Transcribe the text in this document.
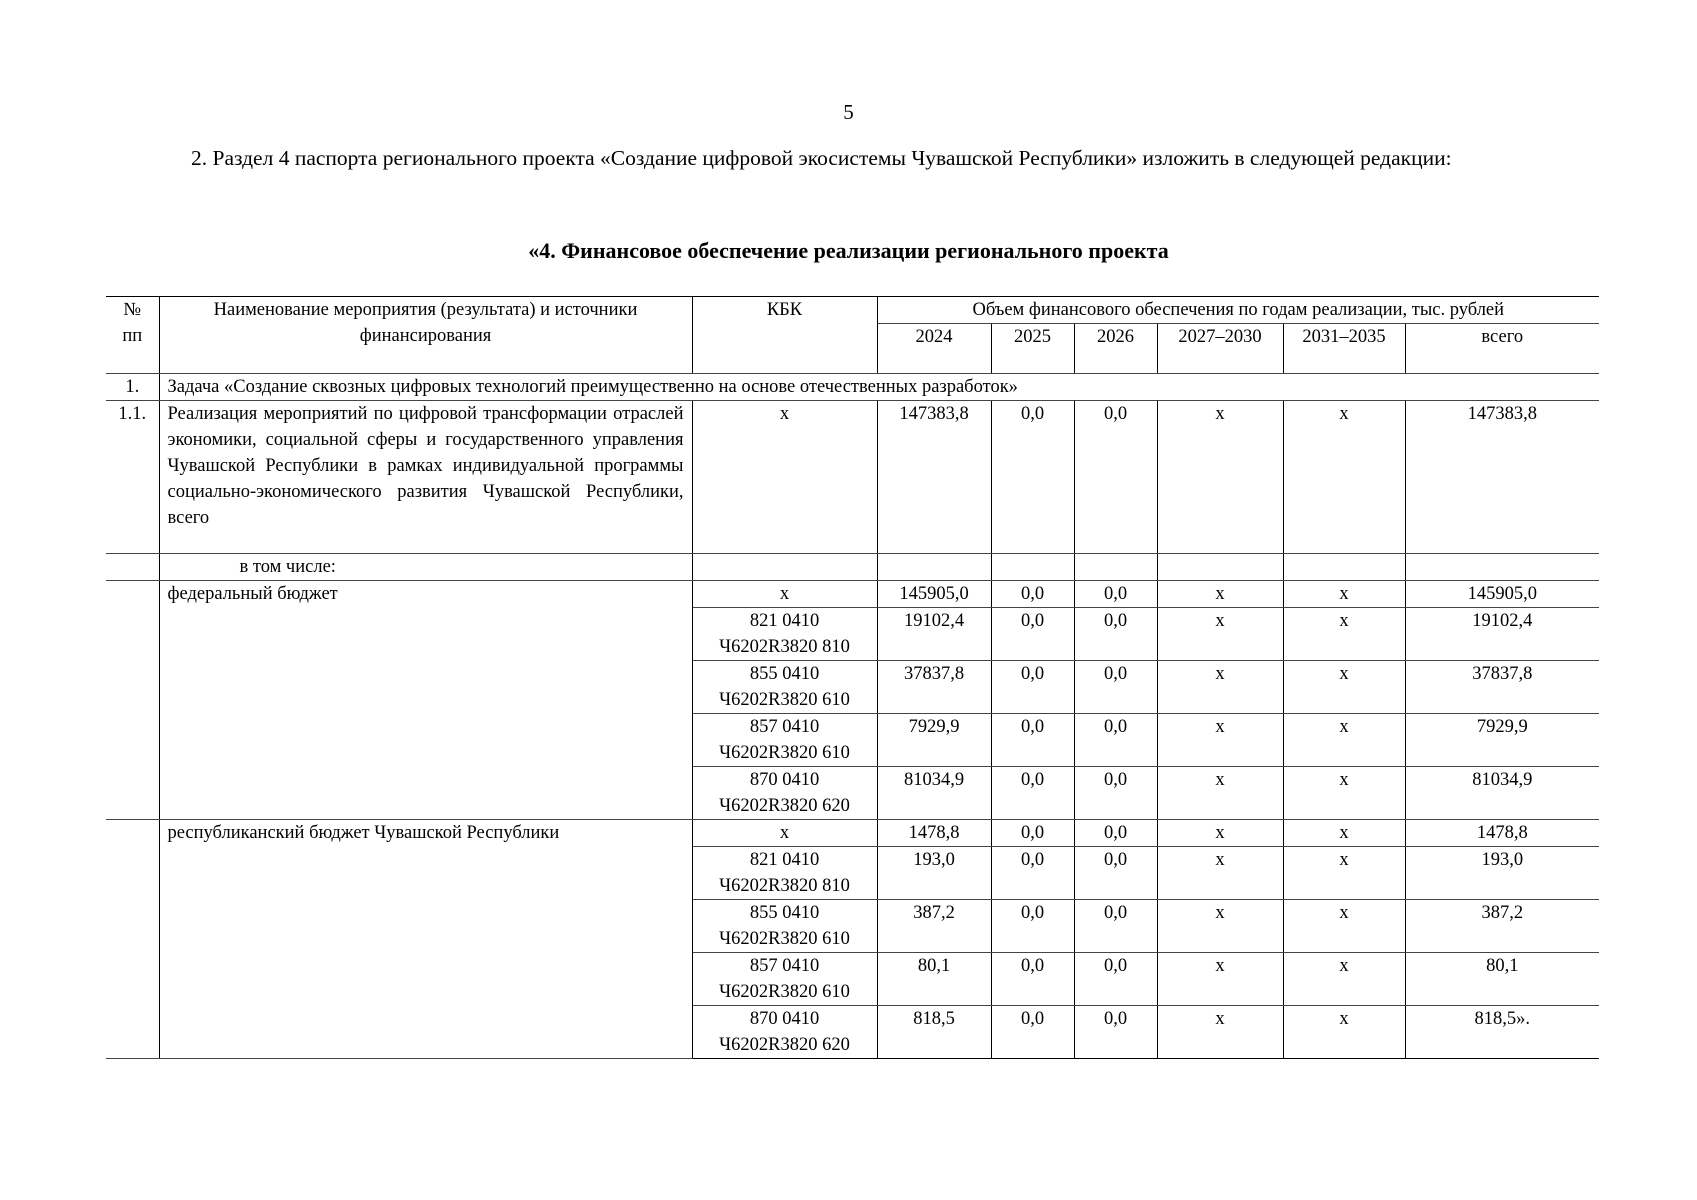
5

2. Раздел 4 паспорта регионального проекта «Создание цифровой экосистемы Чувашской Республики» изложить в следующей редакции:

«4. Финансовое обеспечение реализации регионального проекта
№ пп	Наименование мероприятия (результата) и источники финансирования	КБК	Объем финансового обеспечения по годам реализации, тыс. рублей					
			2024	2025	2026	2027–2030	2031–2035	всего
1.	Задача «Создание сквозных цифровых технологий преимущественно на основе отечественных разработок»							
1.1.	Реализация мероприятий по цифровой трансформации отраслей экономики, социальной сферы и государственного управления Чувашской Республики в рамках индивидуальной программы социально-экономического развития Чувашской Республики, всего	х	147383,8	0,0	0,0	х	х	147383,8
	в том числе:							
	федеральный бюджет	х	145905,0	0,0	0,0	х	х	145905,0
		821 0410 Ч6202R3820 810	19102,4	0,0	0,0	х	х	19102,4
		855 0410 Ч6202R3820 610	37837,8	0,0	0,0	х	х	37837,8
		857 0410 Ч6202R3820 610	7929,9	0,0	0,0	х	х	7929,9
		870 0410 Ч6202R3820 620	81034,9	0,0	0,0	х	х	81034,9
	республиканский бюджет Чувашской Республики	х	1478,8	0,0	0,0	х	х	1478,8
		821 0410 Ч6202R3820 810	193,0	0,0	0,0	х	х	193,0
		855 0410 Ч6202R3820 610	387,2	0,0	0,0	х	х	387,2
		857 0410 Ч6202R3820 610	80,1	0,0	0,0	х	х	80,1
		870 0410 Ч6202R3820 620	818,5	0,0	0,0	х	х	818,5».
